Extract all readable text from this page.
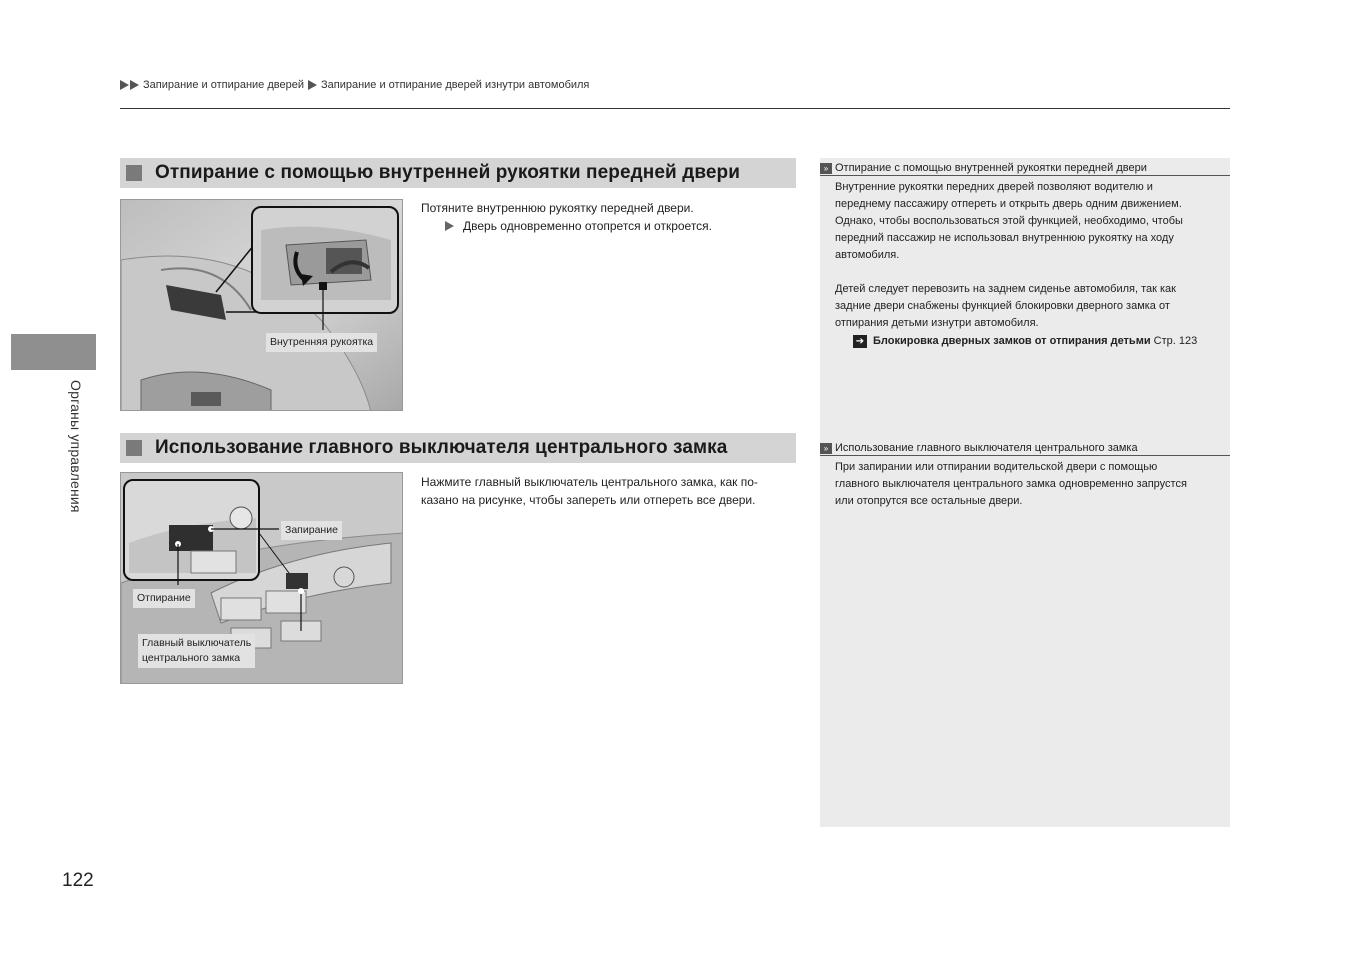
Запирание и отпирание дверей Запирание и отпирание дверей изнутри автомобиля
Органы управления
Отпирание с помощью внутренней рукоятки передней двери
Внутренняя рукоятка
Потяните внутреннюю рукоятку передней двери.
Дверь одновременно отопрется и откроется.
Использование главного выключателя центрального замка
Запирание
Отпирание
Главный выключатель
центрального замка
Нажмите главный выключатель центрального замка, как по-
казано на рисунке, чтобы запереть или отпереть все двери.
» Отпирание с помощью внутренней рукоятки передней двери

Внутренние рукоятки передних дверей позволяют водителю и

переднему пассажиру отпереть и открыть дверь одним движением.

Однако, чтобы воспользоваться этой функцией, необходимо, чтобы

передний пассажир не использовал внутреннюю рукоятку на ходу

автомобиля.

Детей следует перевозить на заднем сиденье автомобиля, так как

задние двери снабжены функцией блокировки дверного замка от

отпирания детьми изнутри автомобиля.

➔ Блокировка дверных замков от отпирания детьми Стр. 123
» Использование главного выключателя центрального замка

При запирании или отпирании водительской двери с помощью

главного выключателя центрального замка одновременно запрустся

или отопрутся все остальные двери.

122
